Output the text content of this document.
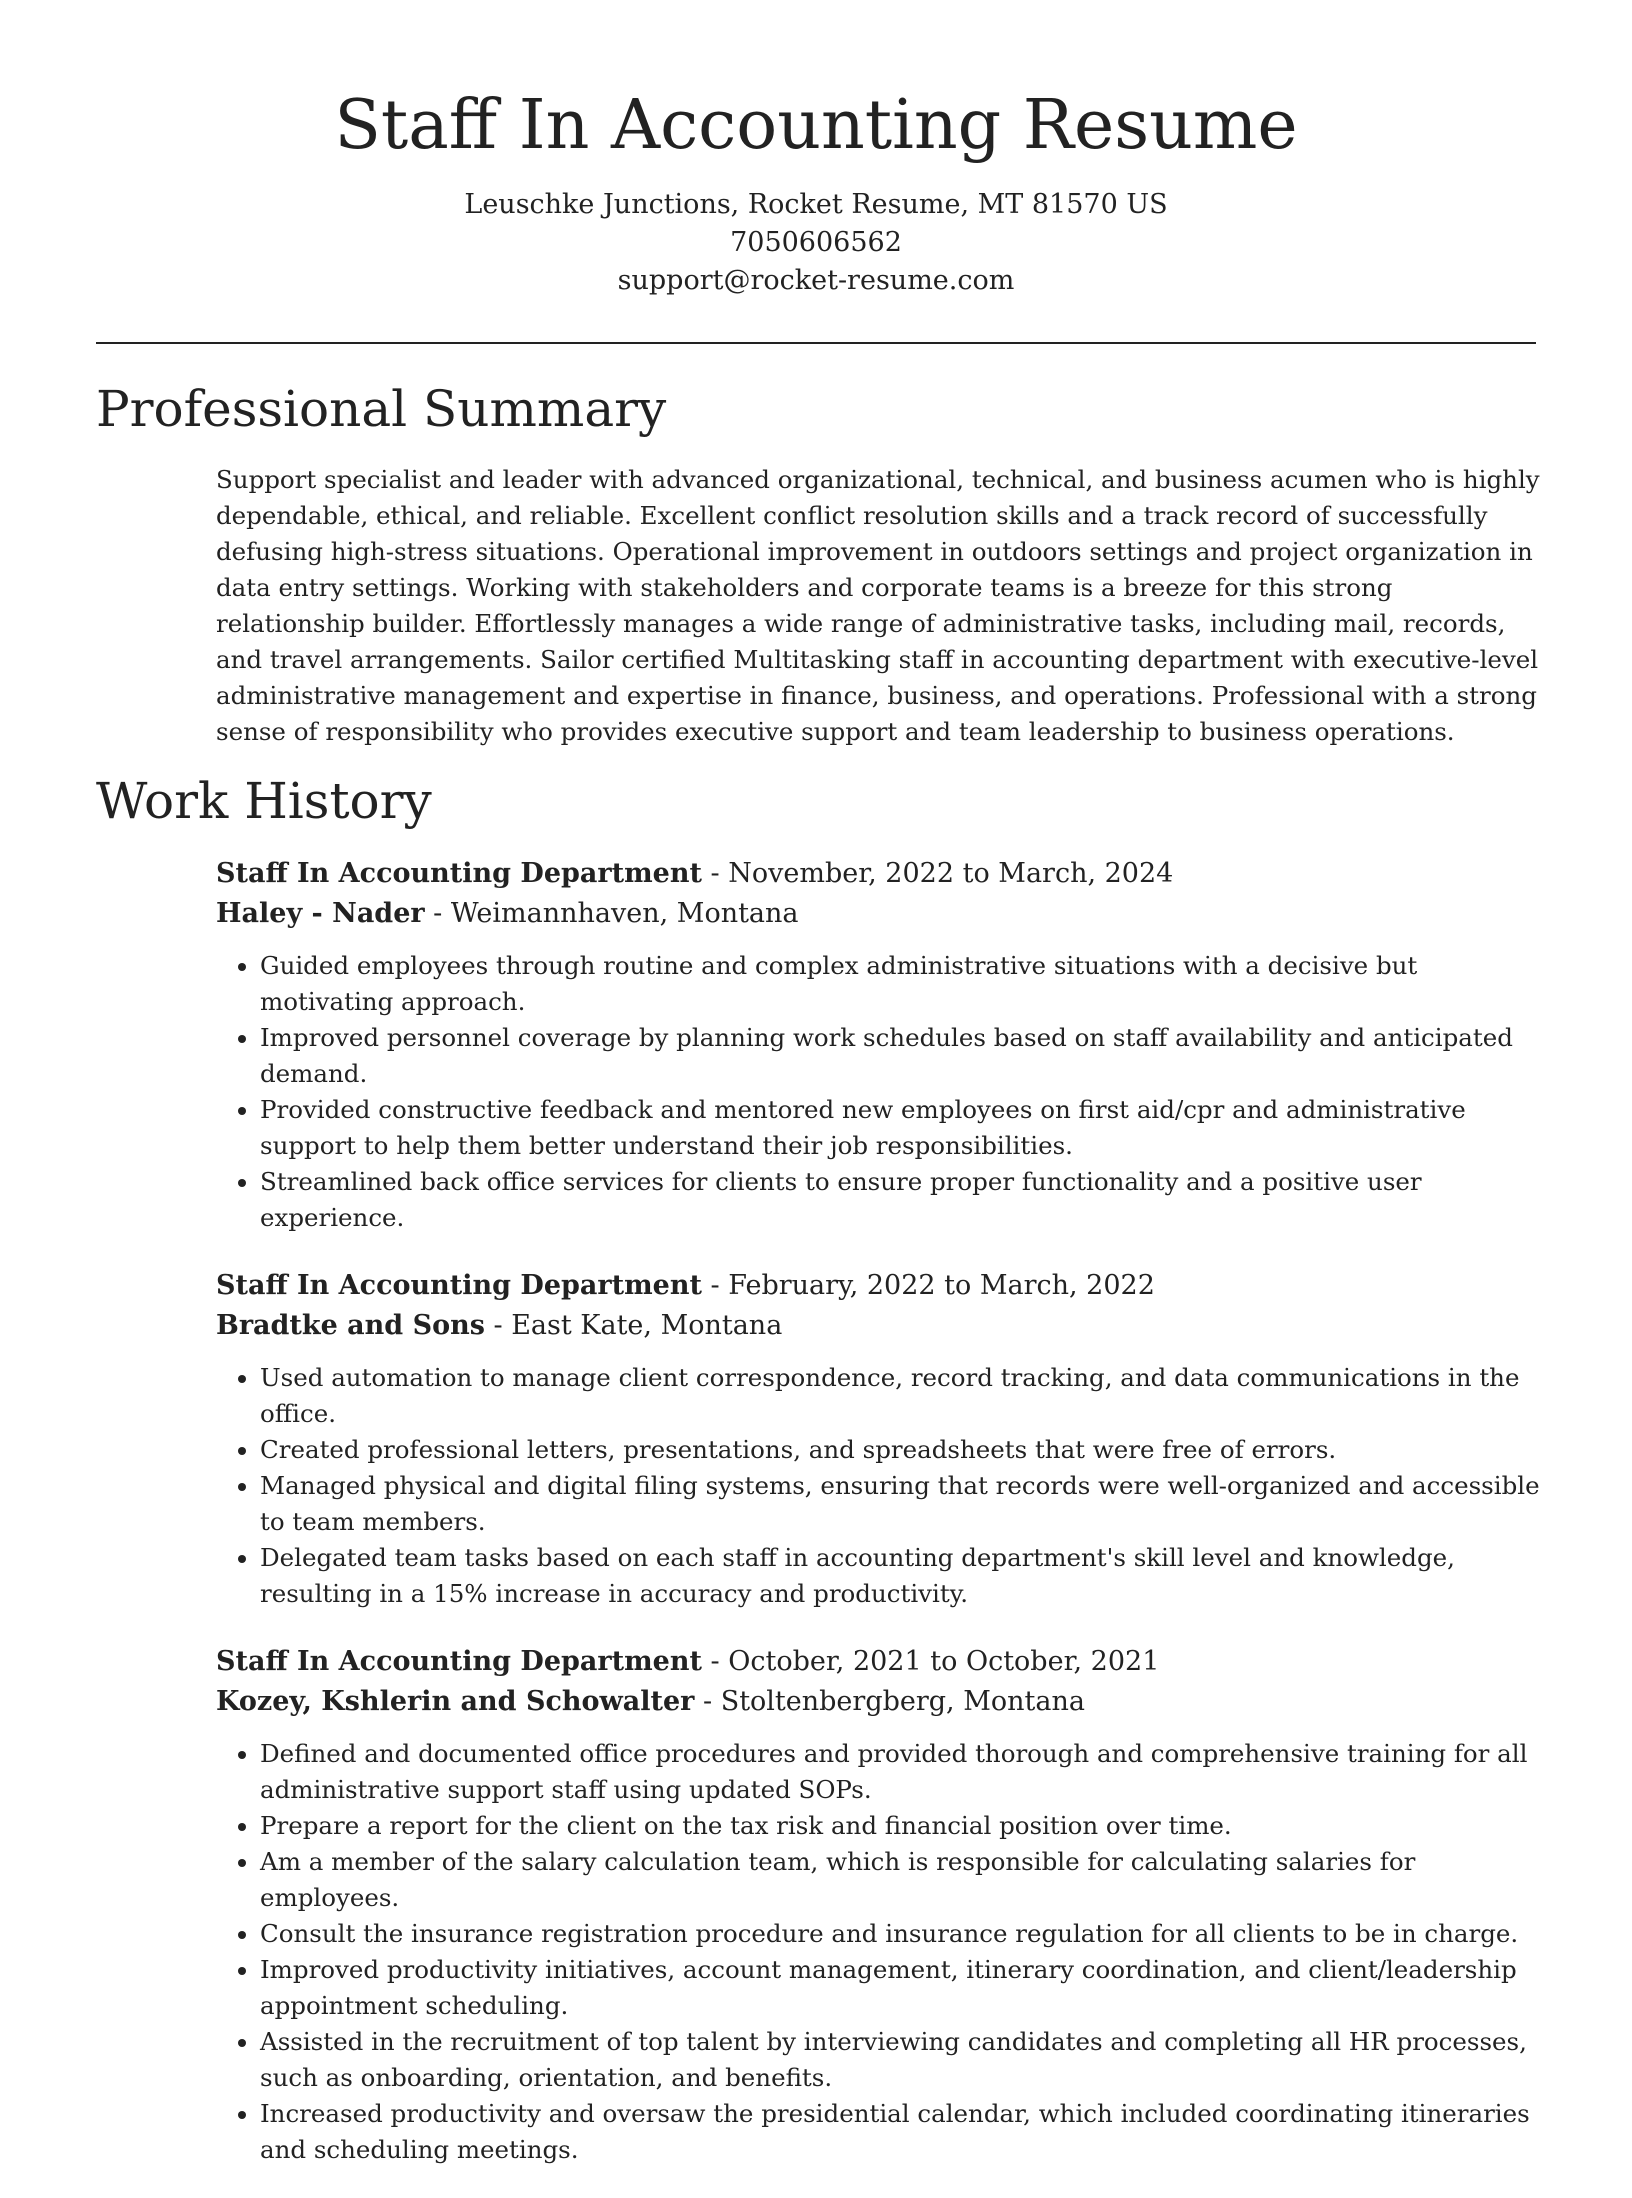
Staff In Accounting Resume

Leuschke Junctions, Rocket Resume, MT 81570 US

7050606562

support@rocket-resume.com

Professional Summary

Support specialist and leader with advanced organizational, technical, and business acumen who is highly dependable, ethical, and reliable. Excellent conflict resolution skills and a track record of successfully defusing high-stress situations. Operational improvement in outdoors settings and project organization in data entry settings. Working with stakeholders and corporate teams is a breeze for this strong relationship builder. Effortlessly manages a wide range of administrative tasks, including mail, records, and travel arrangements. Sailor certified Multitasking staff in accounting department with executive-level administrative management and expertise in finance, business, and operations. Professional with a strong sense of responsibility who provides executive support and team leadership to business operations.

Work History

Staff In Accounting Department - November, 2022 to March, 2024

Haley - Nader - Weimannhaven, Montana

• Guided employees through routine and complex administrative situations with a decisive but motivating approach.
• Improved personnel coverage by planning work schedules based on staff availability and anticipated demand.
• Provided constructive feedback and mentored new employees on first aid/cpr and administrative support to help them better understand their job responsibilities.
• Streamlined back office services for clients to ensure proper functionality and a positive user experience.

Staff In Accounting Department - February, 2022 to March, 2022

Bradtke and Sons - East Kate, Montana

• Used automation to manage client correspondence, record tracking, and data communications in the office.
• Created professional letters, presentations, and spreadsheets that were free of errors.
• Managed physical and digital filing systems, ensuring that records were well-organized and accessible to team members.
• Delegated team tasks based on each staff in accounting department's skill level and knowledge, resulting in a 15% increase in accuracy and productivity.

Staff In Accounting Department - October, 2021 to October, 2021

Kozey, Kshlerin and Schowalter - Stoltenbergberg, Montana

• Defined and documented office procedures and provided thorough and comprehensive training for all administrative support staff using updated SOPs.
• Prepare a report for the client on the tax risk and financial position over time.
• Am a member of the salary calculation team, which is responsible for calculating salaries for employees.
• Consult the insurance registration procedure and insurance regulation for all clients to be in charge.
• Improved productivity initiatives, account management, itinerary coordination, and client/leadership appointment scheduling.
• Assisted in the recruitment of top talent by interviewing candidates and completing all HR processes, such as onboarding, orientation, and benefits.
• Increased productivity and oversaw the presidential calendar, which included coordinating itineraries and scheduling meetings.
